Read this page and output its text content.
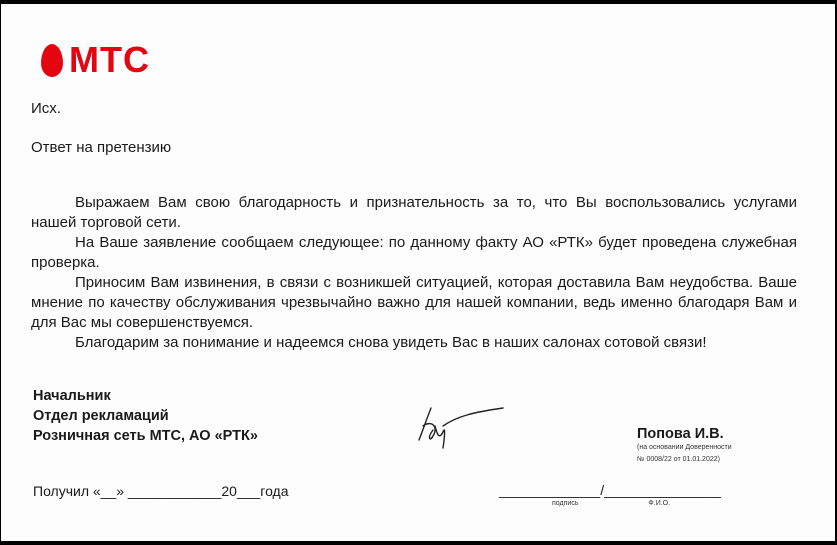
МТС
Исх.
Ответ на претензию

Выражаем Вам свою благодарность и признательность за то, что Вы воспользовались услугами нашей торговой сети.

На Ваше заявление сообщаем следующее: по данному факту АО «РТК» будет проведена служебная проверка.

Приносим Вам извинения, в связи с возникшей ситуацией, которая доставила Вам неудобства. Ваше мнение по качеству обслуживания чрезвычайно важно для нашей компании, ведь именно благодаря Вам и для Вас мы совершенствуемся.

Благодарим за понимание и надеемся снова увидеть Вас в наших салонах сотовой связи!

Начальник
Отдел рекламаций
Розничная сеть МТС, АО «РТК»	Попова И.В.
(на основании Доверенности
№ 0008/22 от 01.01.2022)
Получил «__» ____________20___года	_____________/_______________
подпись	Ф.И.О.
